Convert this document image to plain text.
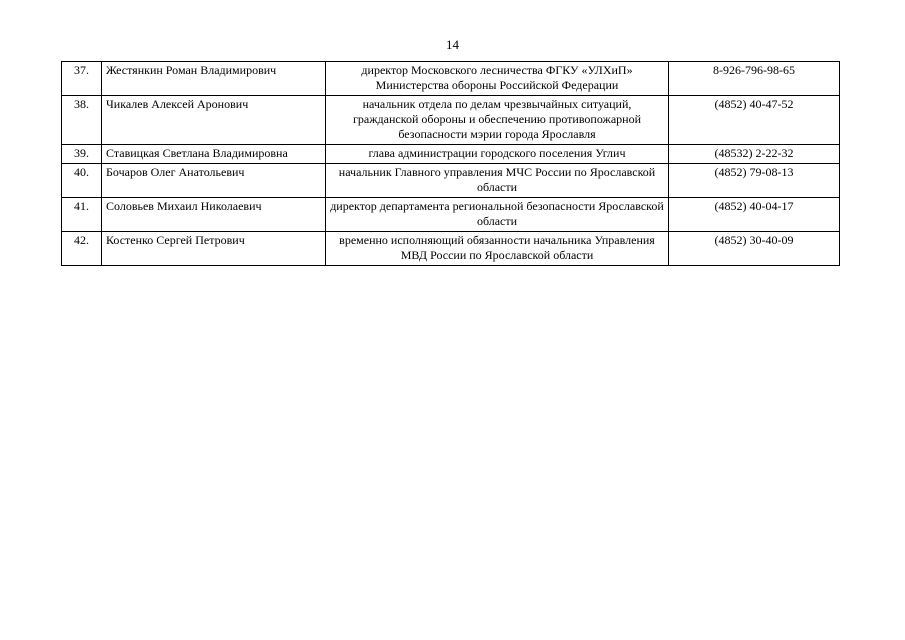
14
37.	Жестянкин Роман Владимирович	директор Московского лесничества ФГКУ «УЛХиП» Министерства обороны Российской Федерации	8-926-796-98-65
38.	Чикалев Алексей Аронович	начальник отдела по делам чрезвычайных ситуаций, гражданской обороны и обеспечению противопожарной безопасности мэрии города Ярославля	(4852) 40-47-52
39.	Ставицкая Светлана Владимировна	глава администрации городского поселения Углич	(48532) 2-22-32
40.	Бочаров Олег Анатольевич	начальник Главного управления МЧС России по Ярославской области	(4852) 79-08-13
41.	Соловьев Михаил Николаевич	директор департамента региональной безопасности Ярославской области	(4852) 40-04-17
42.	Костенко Сергей Петрович	временно исполняющий обязанности начальника Управления МВД России по Ярославской области	(4852) 30-40-09
